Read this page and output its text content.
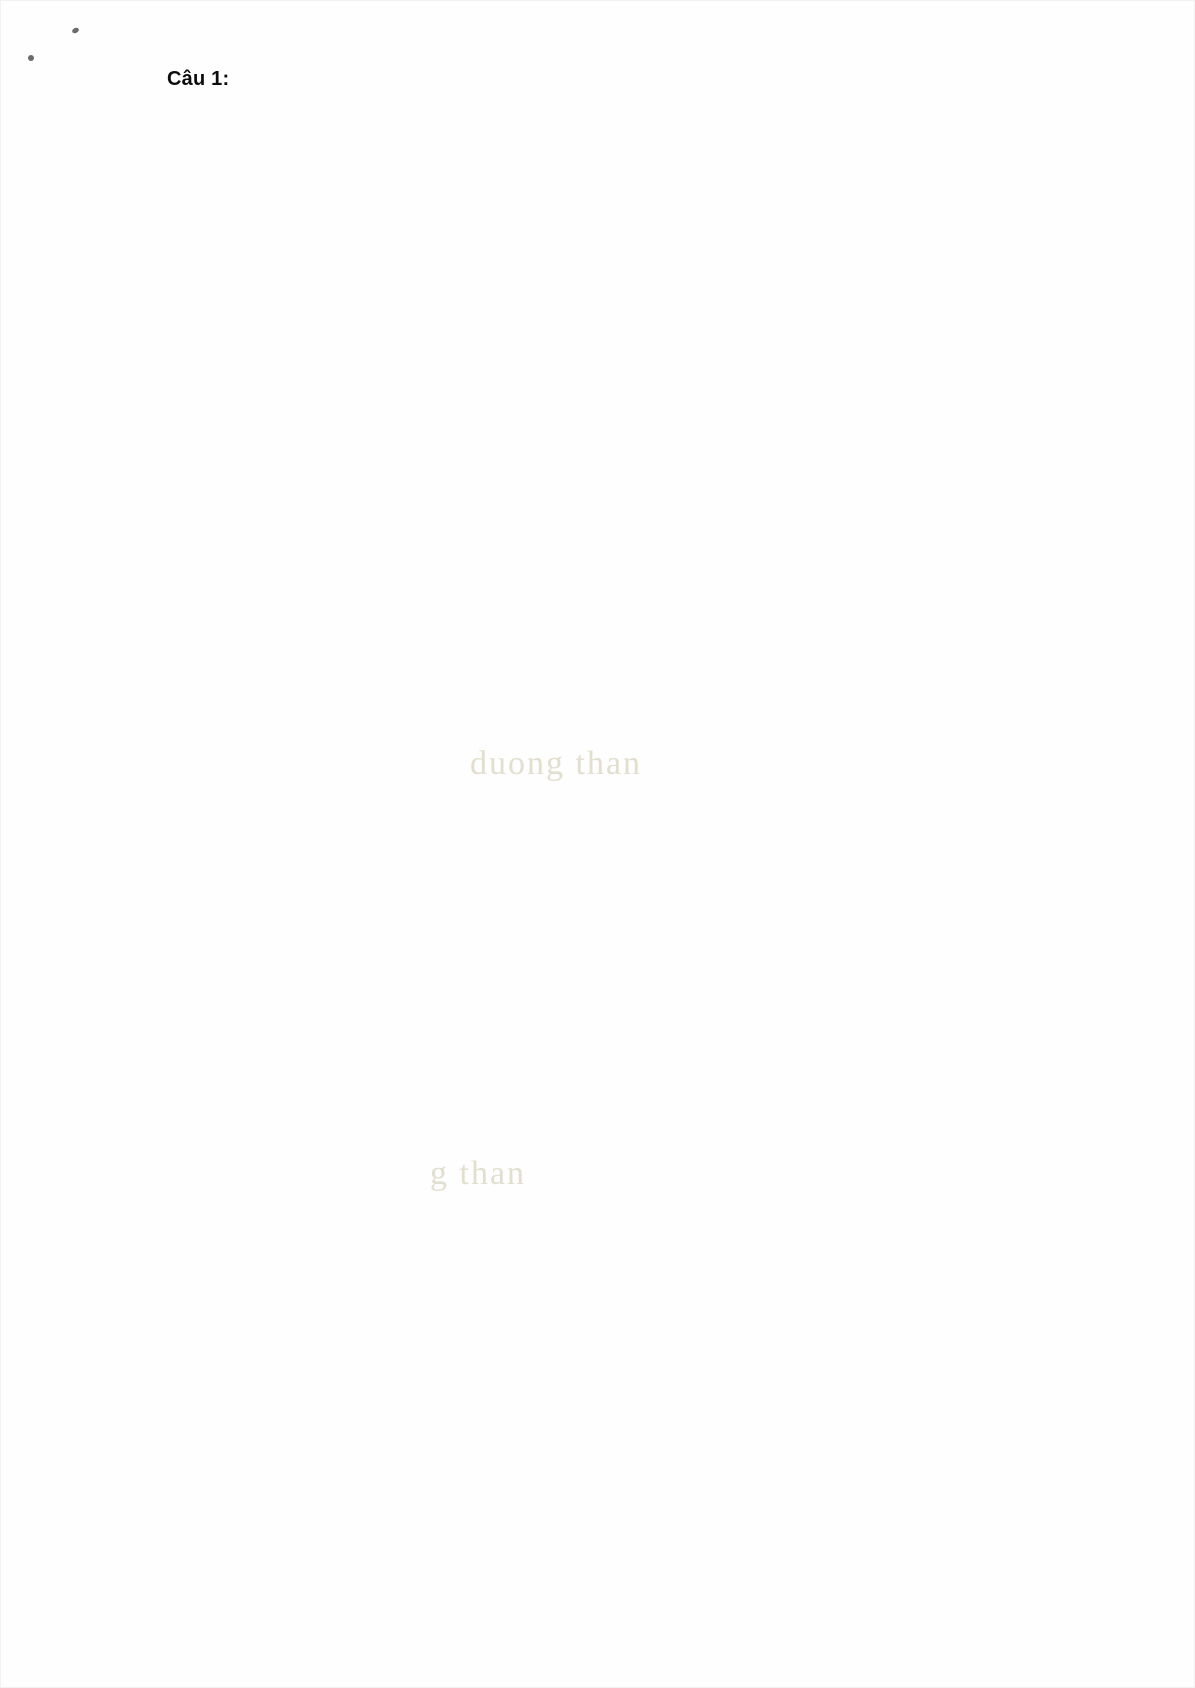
duong than
g than
Câu 1:
